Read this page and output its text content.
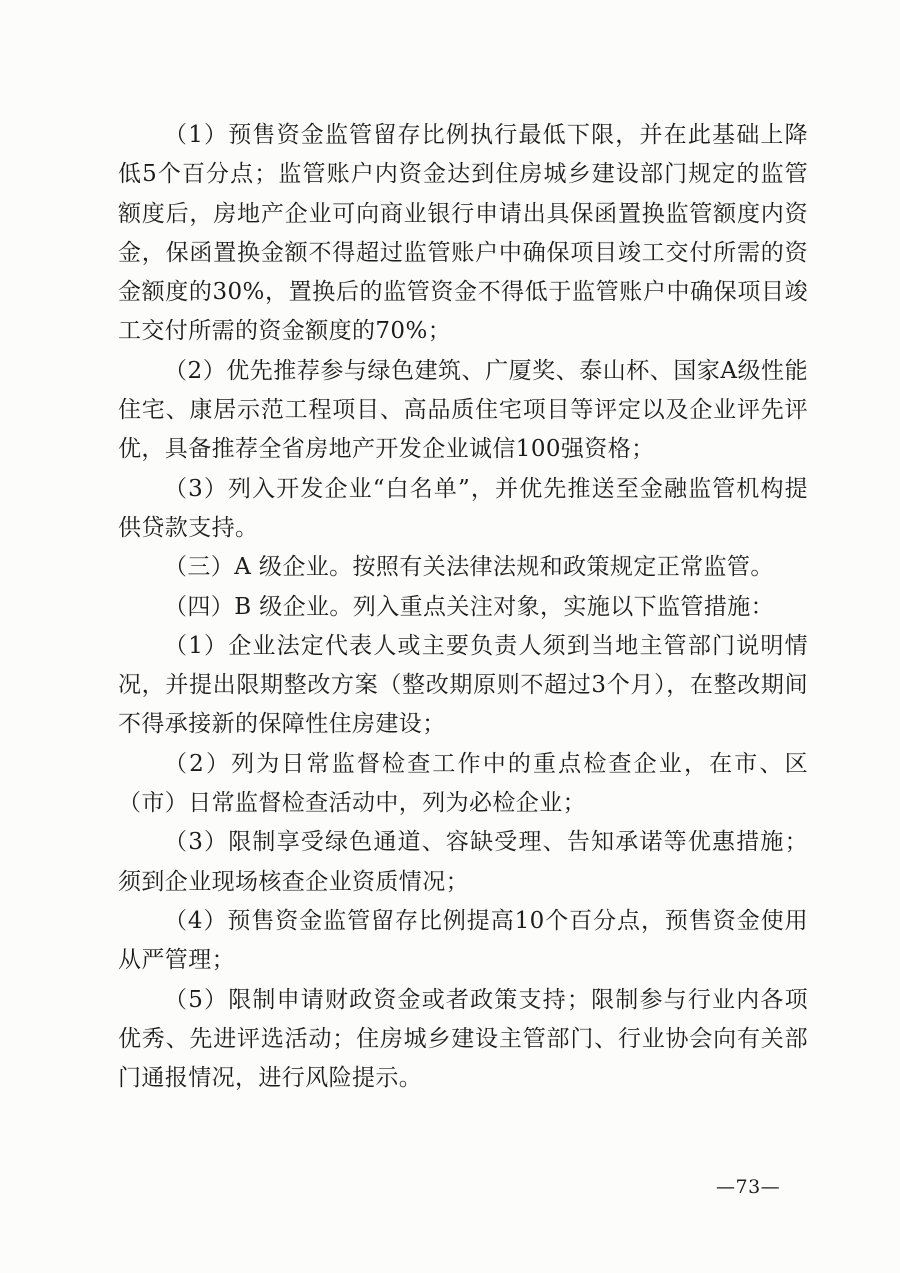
（1）预售资金监管留存比例执行最低下限，并在此基础上降低5个百分点；监管账户内资金达到住房城乡建设部门规定的监管额度后，房地产企业可向商业银行申请出具保函置换监管额度内资金，保函置换金额不得超过监管账户中确保项目竣工交付所需的资金额度的30%，置换后的监管资金不得低于监管账户中确保项目竣工交付所需的资金额度的70%；

（2）优先推荐参与绿色建筑、广厦奖、泰山杯、国家A级性能住宅、康居示范工程项目、高品质住宅项目等评定以及企业评先评优，具备推荐全省房地产开发企业诚信100强资格；

（3）列入开发企业“白名单”，并优先推送至金融监管机构提供贷款支持。

（三）A 级企业。按照有关法律法规和政策规定正常监管。

（四）B 级企业。列入重点关注对象，实施以下监管措施：

（1）企业法定代表人或主要负责人须到当地主管部门说明情况，并提出限期整改方案（整改期原则不超过3个月），在整改期间不得承接新的保障性住房建设；

（2）列为日常监督检查工作中的重点检查企业，在市、区（市）日常监督检查活动中，列为必检企业；

（3）限制享受绿色通道、容缺受理、告知承诺等优惠措施；须到企业现场核查企业资质情况；

（4）预售资金监管留存比例提高10个百分点，预售资金使用从严管理；

（5）限制申请财政资金或者政策支持；限制参与行业内各项优秀、先进评选活动；住房城乡建设主管部门、行业协会向有关部门通报情况，进行风险提示。

—73—
